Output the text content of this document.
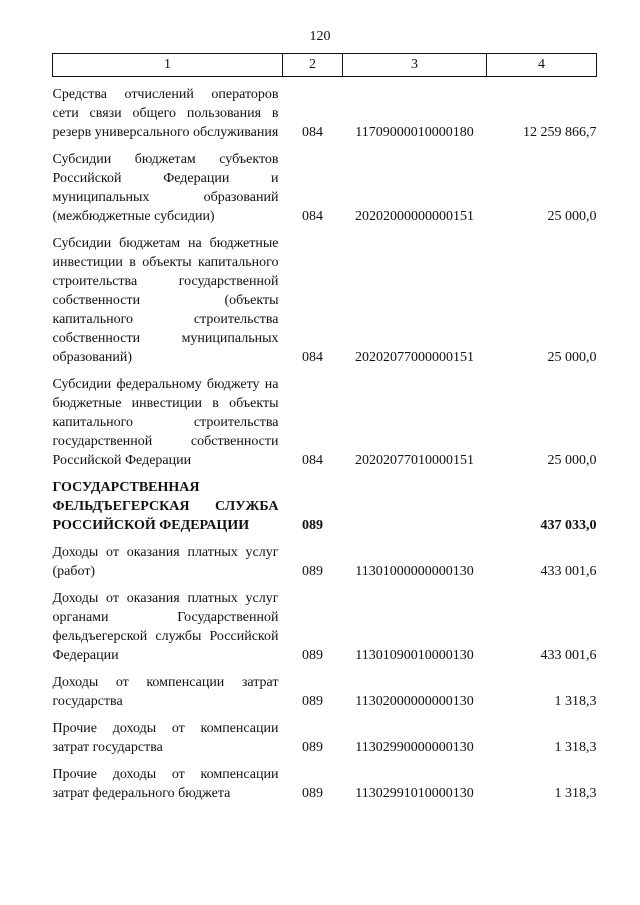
120
1	2	3	4

Средства отчислений операторов сети связи общего пользования в резерв универсального обслуживания	084	11709000010000180	12 259 866,7

Субсидии бюджетам субъектов Российской Федерации и муниципальных образований (межбюджетные субсидии)	084	20202000000000151	25 000,0

Субсидии бюджетам на бюджетные инвестиции в объекты капитального строительства государственной собственности (объекты капитального строительства собственности муниципальных образований)	084	20202077000000151	25 000,0

Субсидии федеральному бюджету на бюджетные инвестиции в объекты капитального строительства государственной собственности Российской Федерации	084	20202077010000151	25 000,0

ГОСУДАРСТВЕННАЯ ФЕЛЬДЪЕГЕРСКАЯ СЛУЖБА РОССИЙСКОЙ ФЕДЕРАЦИИ	089		437 033,0

Доходы от оказания платных услуг (работ)	089	11301000000000130	433 001,6

Доходы от оказания платных услуг органами Государственной фельдъегерской службы Российской Федерации	089	11301090010000130	433 001,6

Доходы от компенсации затрат государства	089	11302000000000130	1 318,3

Прочие доходы от компенсации затрат государства	089	11302990000000130	1 318,3

Прочие доходы от компенсации затрат федерального бюджета	089	11302991010000130	1 318,3
